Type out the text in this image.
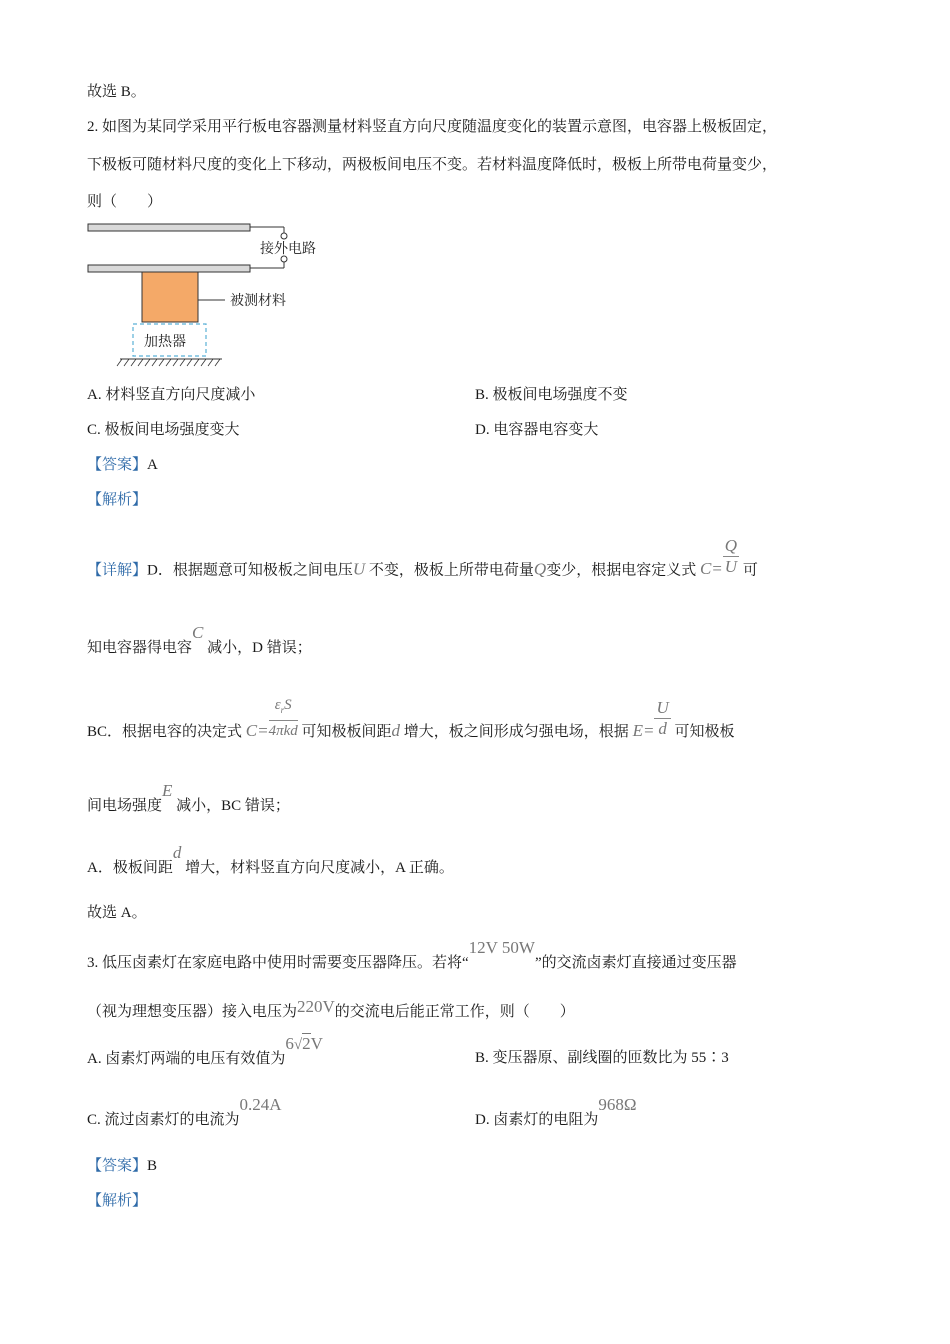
故选 B。
2. 如图为某同学采用平行板电容器测量材料竖直方向尺度随温度变化的装置示意图，电容器上极板固定，
下极板可随材料尺度的变化上下移动，两极板间电压不变。若材料温度降低时，极板上所带电荷量变少，
则（　　）
接外电路
被测材料
加热器
A. 材料竖直方向尺度减小	B. 极板间电场强度不变
C. 极板间电场强度变大	D. 电容器电容变大
【答案】A
【解析】
【详解】D．根据题意可知极板之间电压U 不变，极板上所带电荷量Q变少，根据电容定义式 $C= \frac{Q}{U}$ 可
知电容器得电容C 减小，D 错误；
BC．根据电容的决定式 $C= \frac{\varepsilon_rS}{\text{4πkd}}$ 可知极板间距d 增大，板之间形成匀强电场，根据 $E= \frac{U}{d}$ 可知极板
间电场强度E 减小，BC 错误；
A．极板间距d 增大，材料竖直方向尺度减小，A 正确。
故选 A。
3. 低压卤素灯在家庭电路中使用时需要变压器降压。若将“12V 50W”的交流卤素灯直接通过变压器
（视为理想变压器）接入电压为220V的交流电后能正常工作，则（　　）
A. 卤素灯两端的电压有效值为6√2V
B. 变压器原、副线圈的匝数比为 55∶3
C. 流过卤素灯的电流为0.24A
D. 卤素灯的电阻为968Ω
【答案】B
【解析】
